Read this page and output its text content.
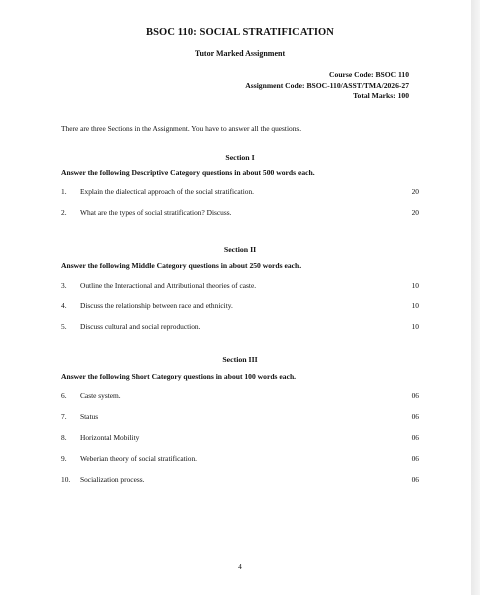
BSOC 110: SOCIAL STRATIFICATION
Tutor Marked Assignment
Course Code: BSOC 110
Assignment Code: BSOC-110/ASST/TMA/2026-27
Total Marks: 100
There are three Sections in the Assignment. You have to answer all the questions.
Section I
Answer the following Descriptive Category questions in about 500 words each.
1. Explain the dialectical approach of the social stratification.	20
2. What are the types of social stratification? Discuss.	20
Section II
Answer the following Middle Category questions in about 250 words each.
3. Outline the Interactional and Attributional theories of caste.	10
4. Discuss the relationship between race and ethnicity.	10
5. Discuss cultural and social reproduction.	10
Section III
Answer the following Short Category questions in about 100 words each.
6. Caste system.	06
7. Status	06
8. Horizontal Mobility	06
9. Weberian theory of social stratification.	06
10. Socialization process.	06
4
